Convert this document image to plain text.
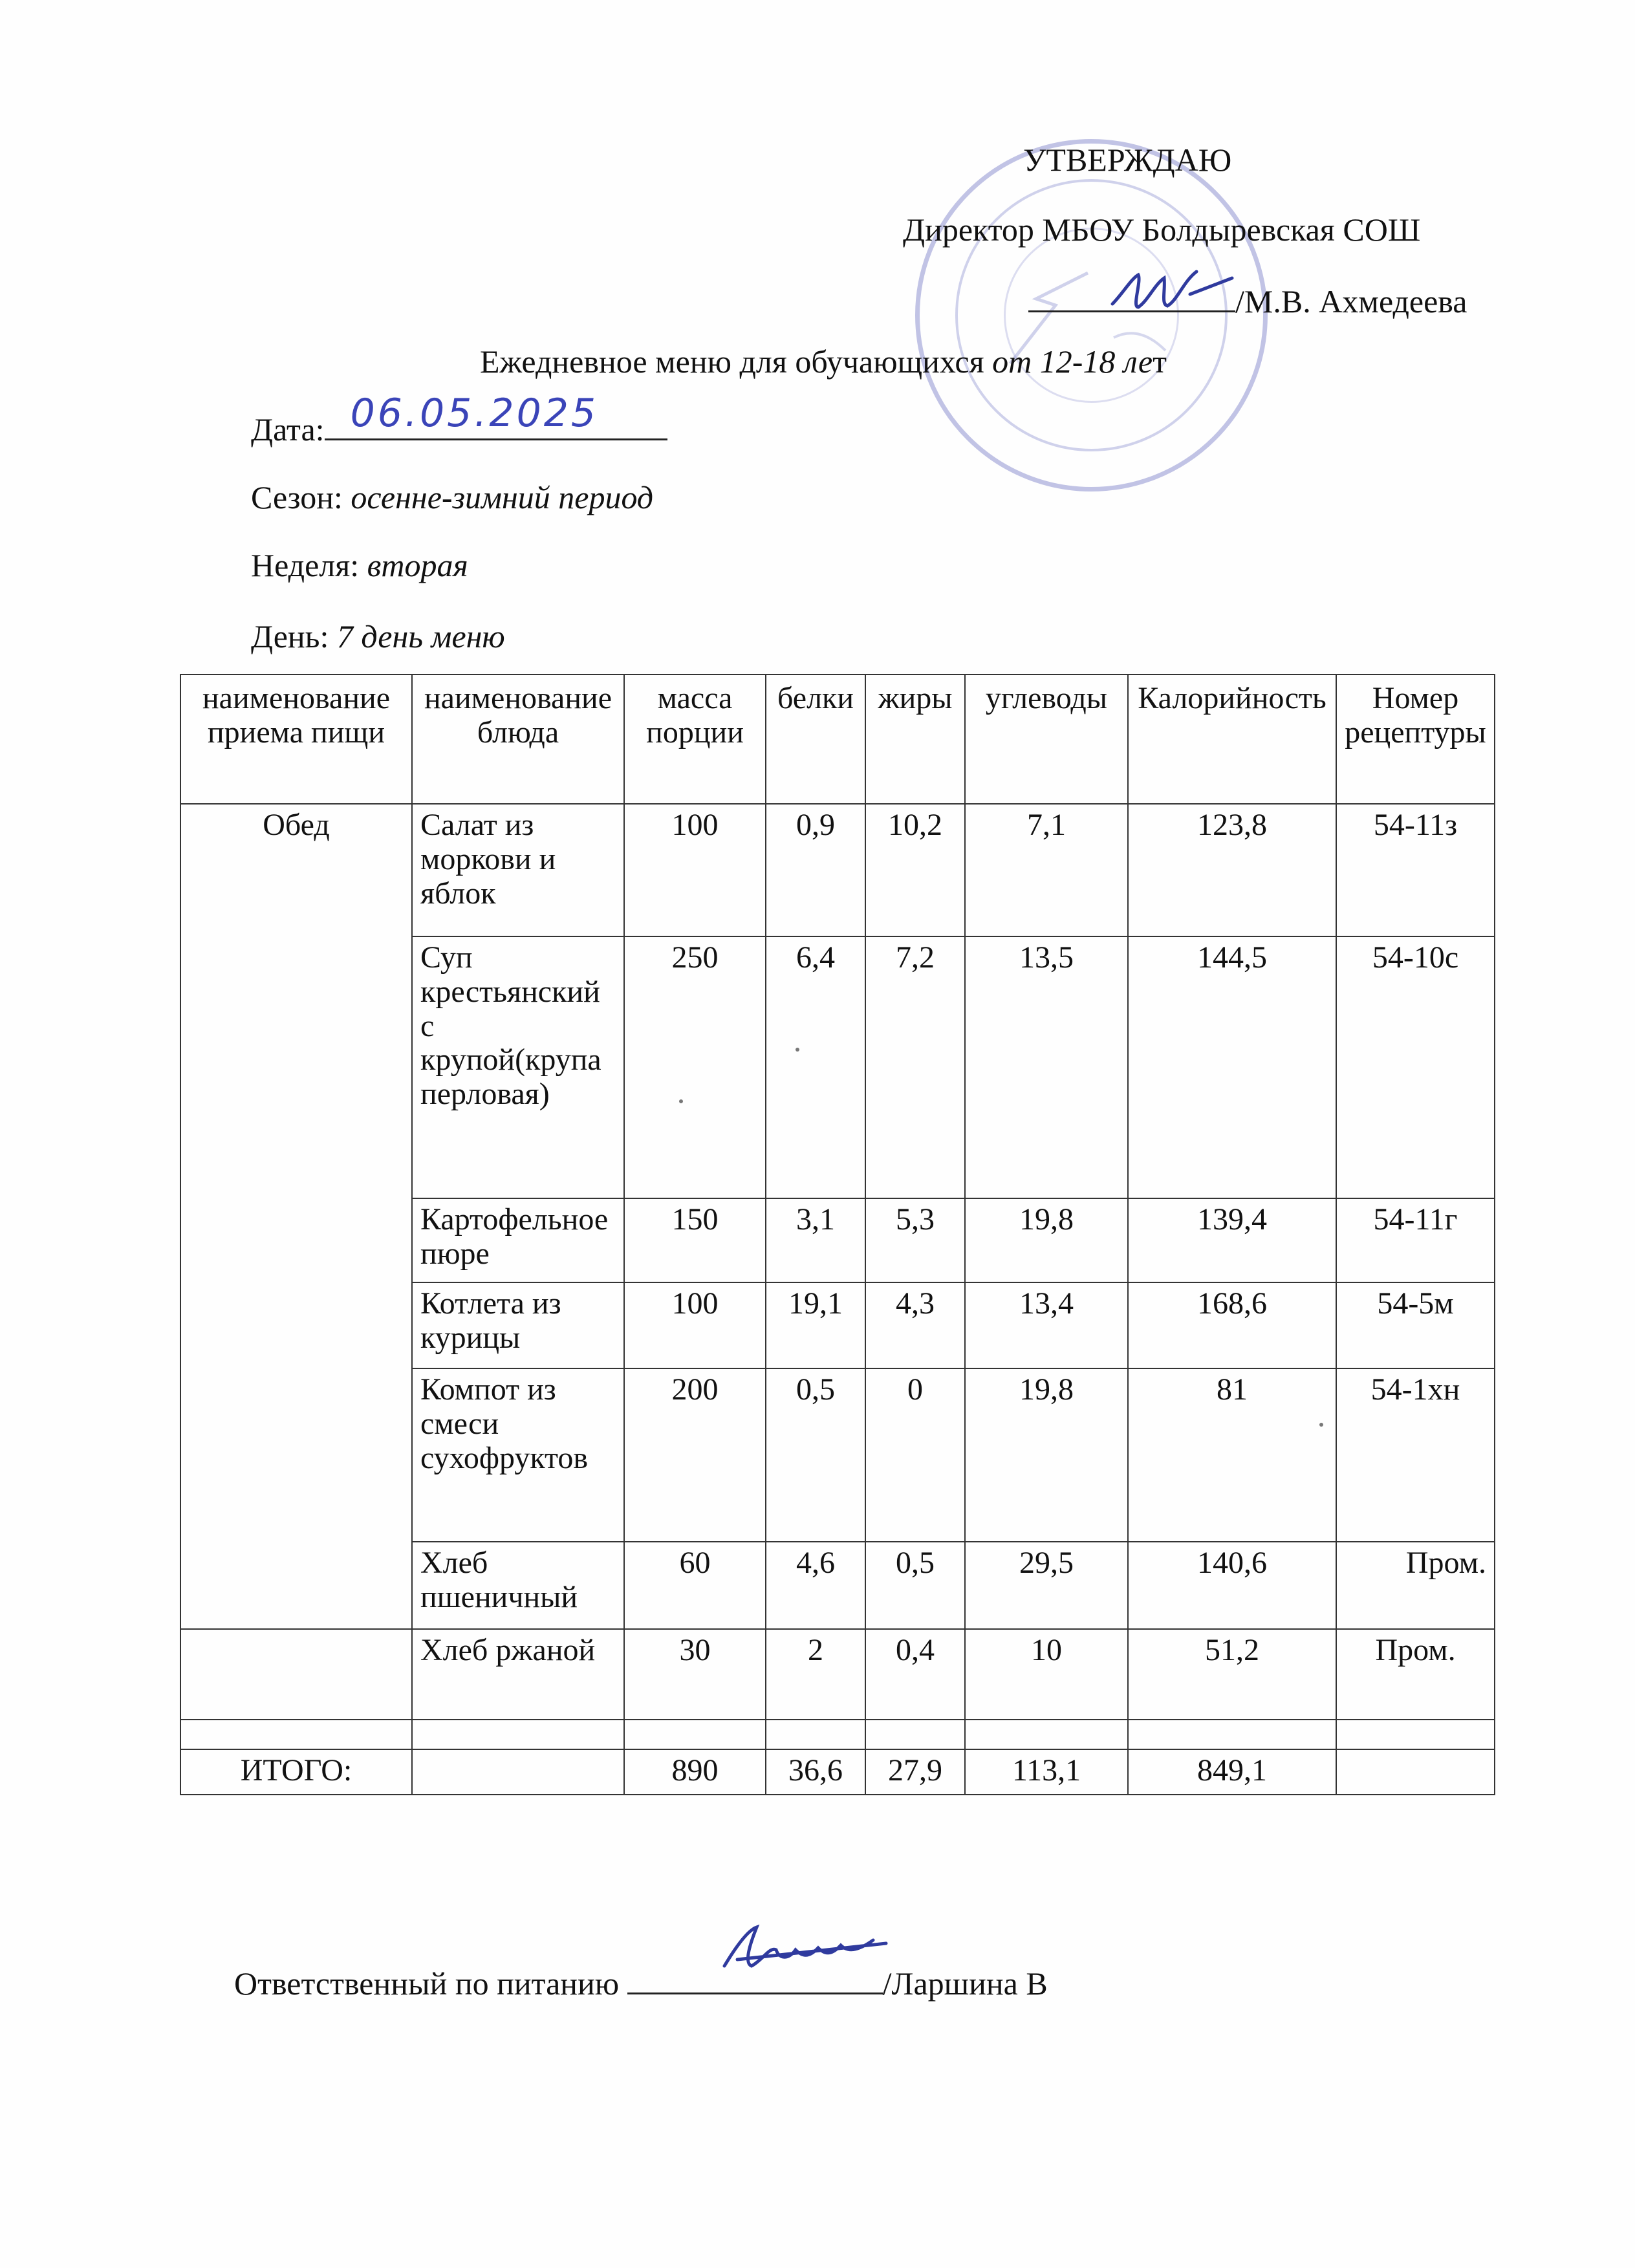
УТВЕРЖДАЮ
Директор МБОУ Болдыревская СОШ
/М.В. Ахмедеева
Ежедневное меню для обучающихся от 12-18 лет
Дата: 06.05.2025
Сезон: осенне-зимний период
Неделя: вторая
День: 7 день меню
наименование приема пищи	наименование блюда	масса порции	белки	жиры	углеводы	Калорийность	Номер рецептуры
Обед	Салат из моркови и яблок	100	0,9	10,2	7,1	123,8	54-11з
	Суп крестьянский с крупой(крупа перловая)	250	6,4	7,2	13,5	144,5	54-10с
	Картофельное пюре	150	3,1	5,3	19,8	139,4	54-11г
	Котлета из курицы	100	19,1	4,3	13,4	168,6	54-5м
	Компот из смеси сухофруктов	200	0,5	0	19,8	81	54-1хн
	Хлеб пшеничный	60	4,6	0,5	29,5	140,6	Пром.
	Хлеб ржаной	30	2	0,4	10	51,2	Пром.

ИТОГО:		890	36,6	27,9	113,1	849,1	
Ответственный по питанию	/Ларшина В
